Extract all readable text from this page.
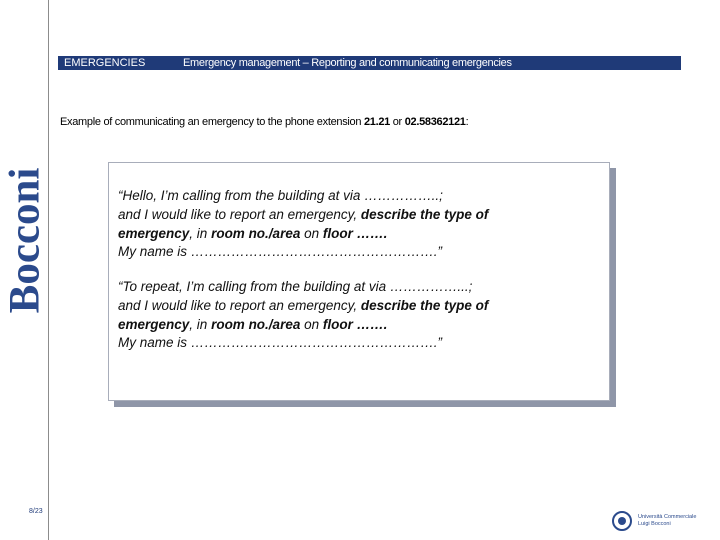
Bocconi
EMERGENCIES	Emergency management – Reporting and communicating emergencies
Example of communicating an emergency to the phone extension 21.21 or 02.58362121:
“Hello, I’m calling from the building at via ……………..;
and I would like to report an emergency, describe the type of
emergency, in room no./area on floor …….
My name is ……………………………………………….”
“To repeat, I’m calling from the building at via ……………...;
and I would like to report an emergency, describe the type of
emergency, in room no./area on floor …….
My name is ……………………………………………….”
8/23
Università Commerciale
Luigi Bocconi
